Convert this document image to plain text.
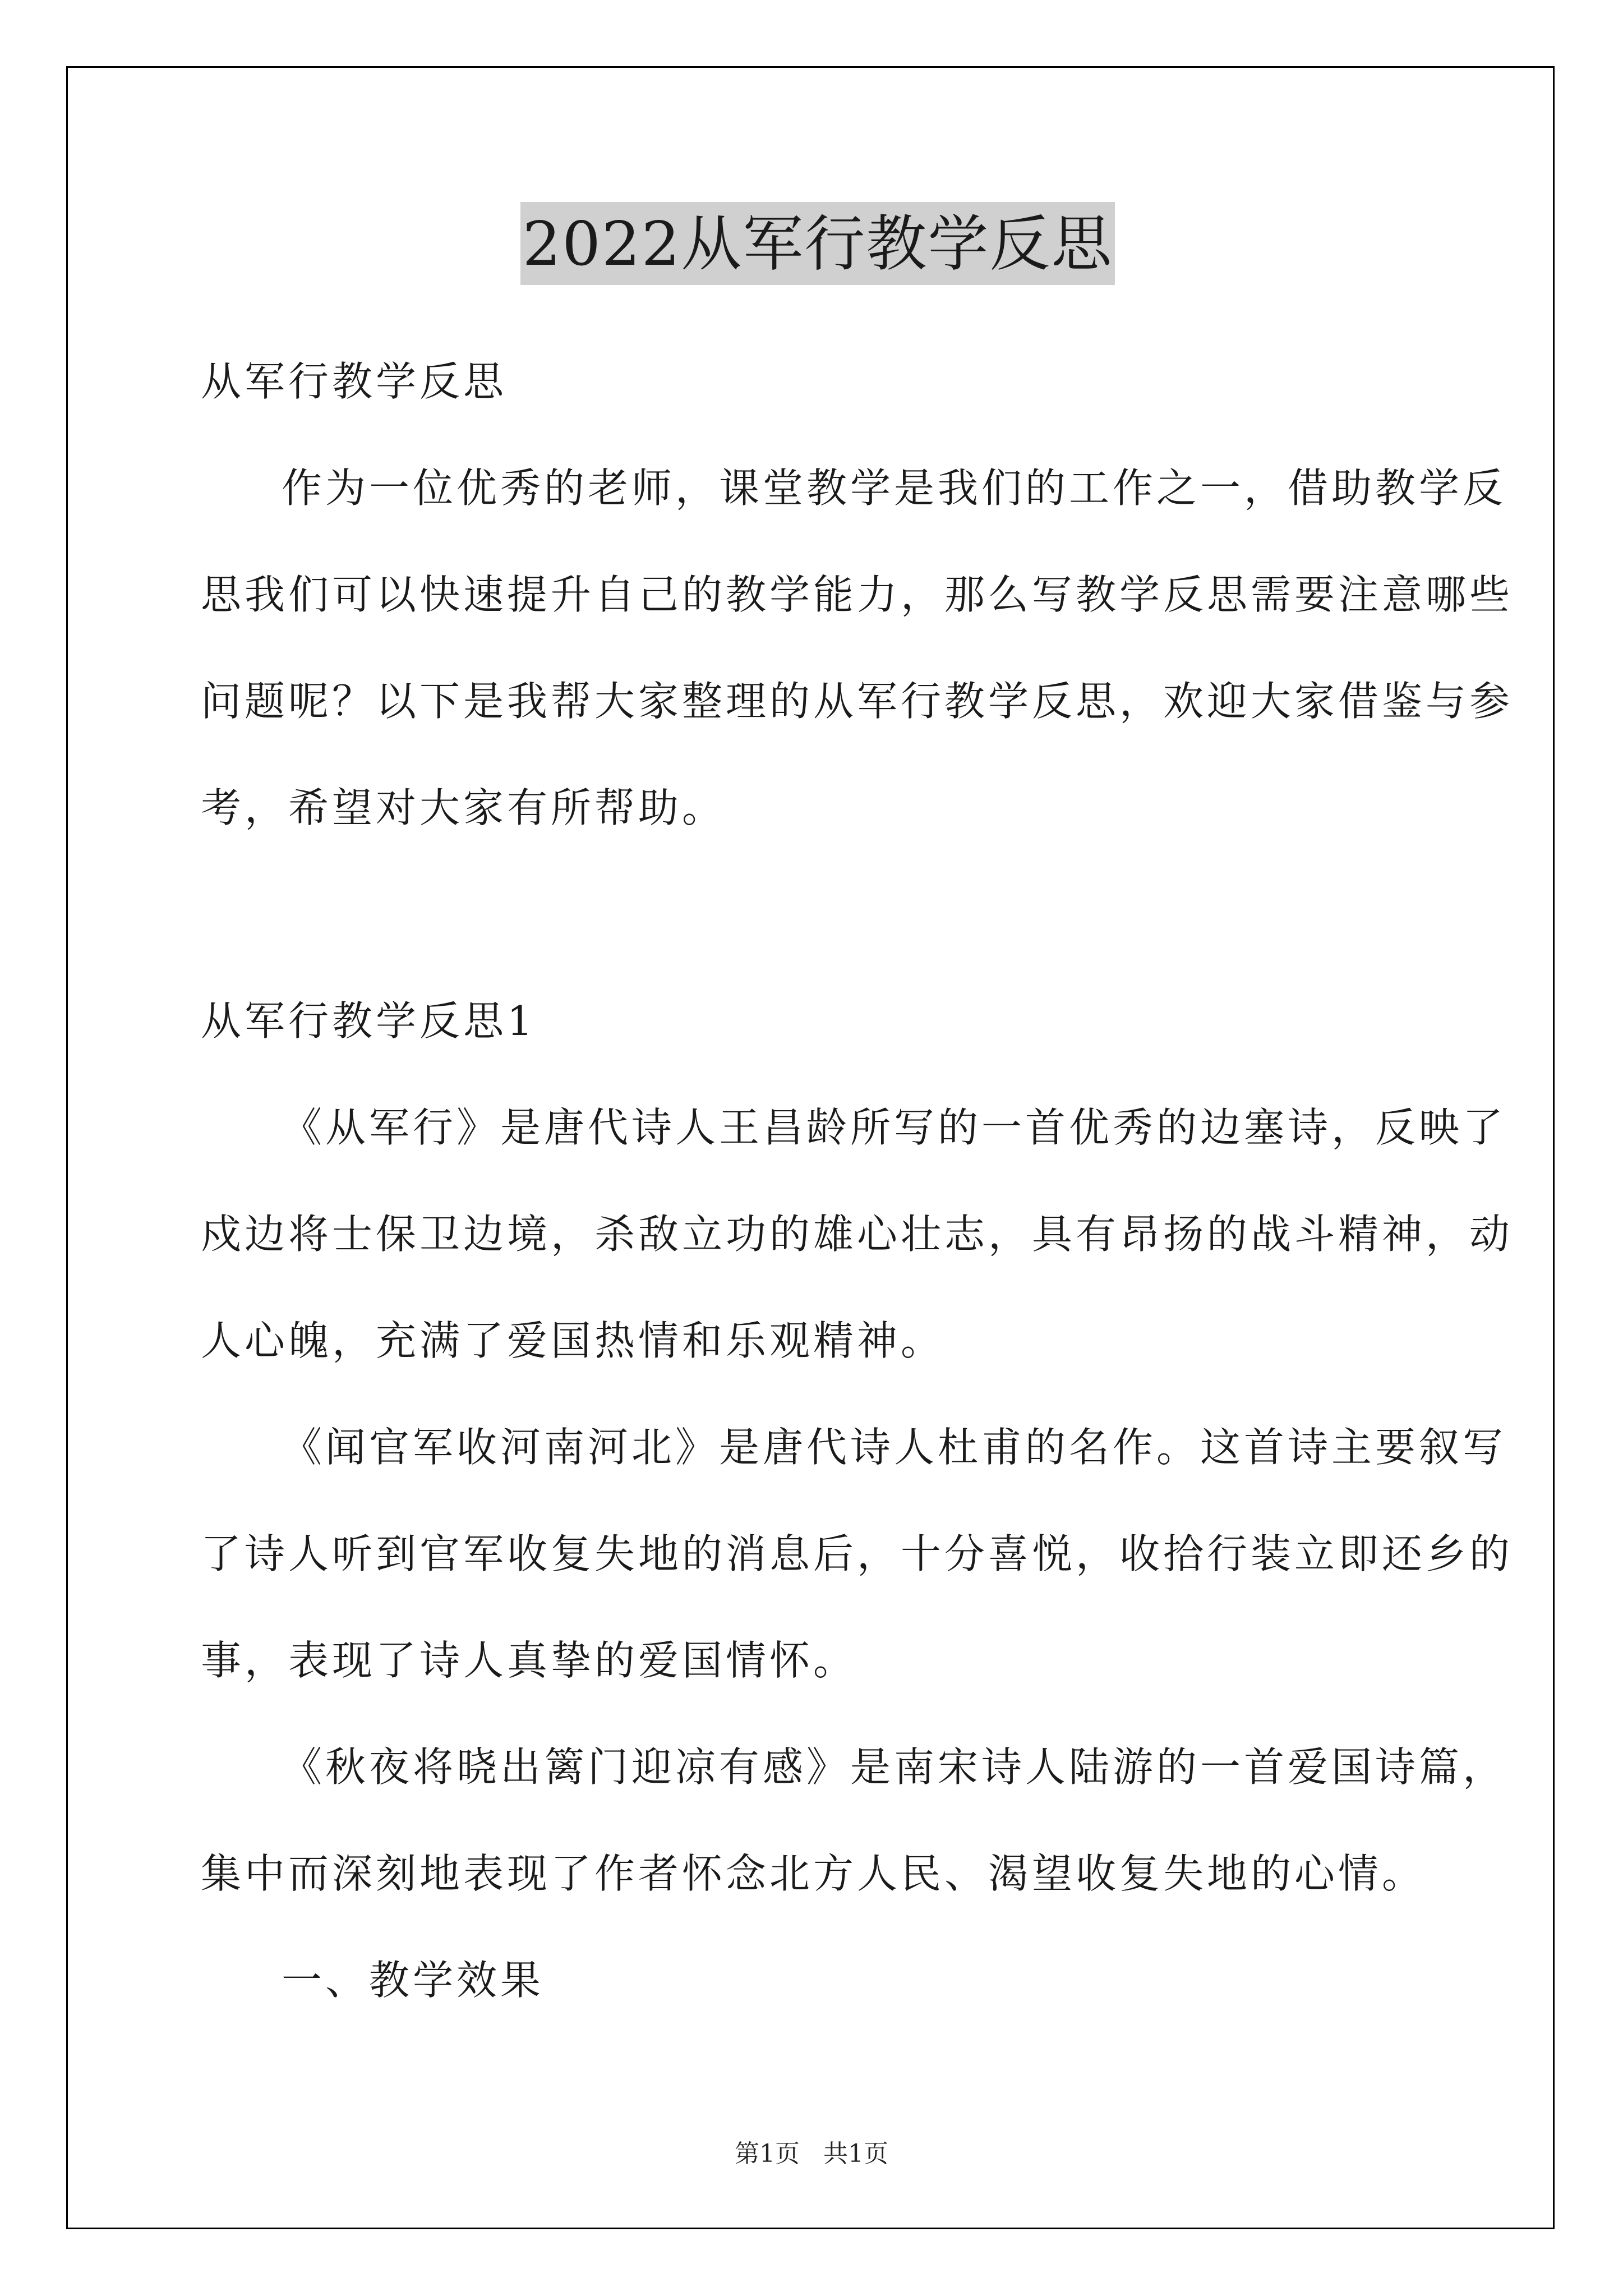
2022从军行教学反思
从军行教学反思
作为一位优秀的老师，课堂教学是我们的工作之一，借助教学反
思我们可以快速提升自己的教学能力，那么写教学反思需要注意哪些
问题呢？以下是我帮大家整理的从军行教学反思，欢迎大家借鉴与参
考，希望对大家有所帮助。
从军行教学反思1
《从军行》是唐代诗人王昌龄所写的一首优秀的边塞诗，反映了
戍边将士保卫边境，杀敌立功的雄心壮志，具有昂扬的战斗精神，动
人心魄，充满了爱国热情和乐观精神。
《闻官军收河南河北》是唐代诗人杜甫的名作。这首诗主要叙写
了诗人听到官军收复失地的消息后，十分喜悦，收拾行装立即还乡的
事，表现了诗人真挚的爱国情怀。
《秋夜将晓出篱门迎凉有感》是南宋诗人陆游的一首爱国诗篇，
集中而深刻地表现了作者怀念北方人民、渴望收复失地的心情。
一、教学效果
第1页 共1页
